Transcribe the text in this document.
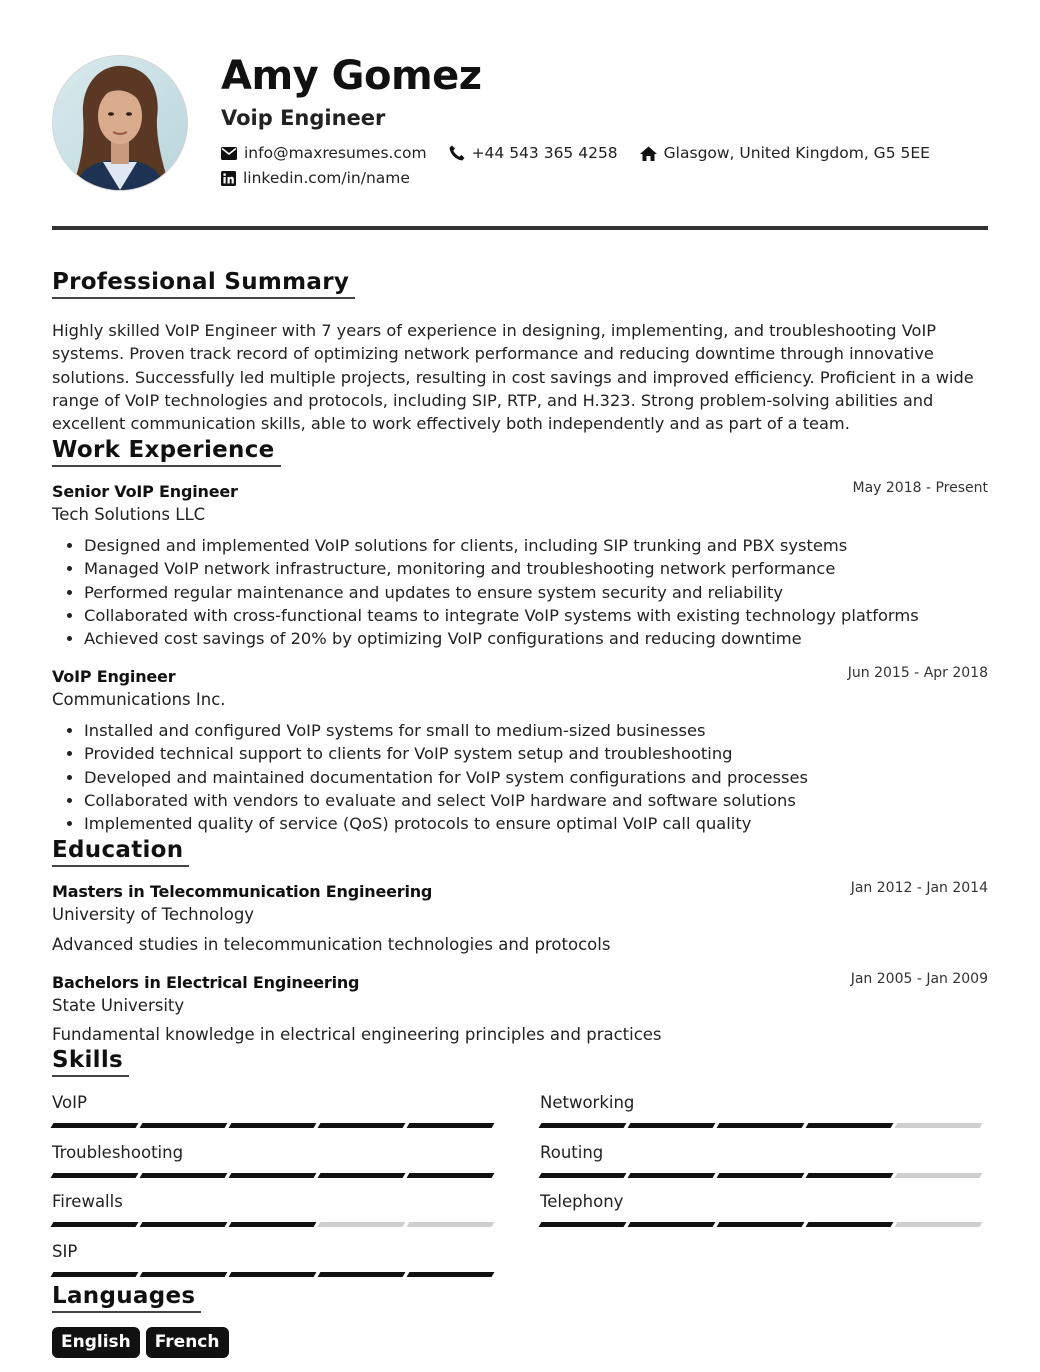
Amy Gomez
Voip Engineer
info@maxresumes.com	+44 543 365 4258	Glasgow, United Kingdom, G5 5EE
linkedin.com/in/name
Professional Summary

Highly skilled VoIP Engineer with 7 years of experience in designing, implementing, and troubleshooting VoIP systems. Proven track record of optimizing network performance and reducing downtime through innovative solutions. Successfully led multiple projects, resulting in cost savings and improved efficiency. Proficient in a wide range of VoIP technologies and protocols, including SIP, RTP, and H.323. Strong problem-solving abilities and excellent communication skills, able to work effectively both independently and as part of a team.

Work Experience
Senior VoIP Engineer	May 2018 - Present
Tech Solutions LLC
• Designed and implemented VoIP solutions for clients, including SIP trunking and PBX systems
• Managed VoIP network infrastructure, monitoring and troubleshooting network performance
• Performed regular maintenance and updates to ensure system security and reliability
• Collaborated with cross-functional teams to integrate VoIP systems with existing technology platforms
• Achieved cost savings of 20% by optimizing VoIP configurations and reducing downtime
VoIP Engineer	Jun 2015 - Apr 2018
Communications Inc.
• Installed and configured VoIP systems for small to medium-sized businesses
• Provided technical support to clients for VoIP system setup and troubleshooting
• Developed and maintained documentation for VoIP system configurations and processes
• Collaborated with vendors to evaluate and select VoIP hardware and software solutions
• Implemented quality of service (QoS) protocols to ensure optimal VoIP call quality
Education
Masters in Telecommunication Engineering	Jan 2012 - Jan 2014
University of Technology
Advanced studies in telecommunication technologies and protocols
Bachelors in Electrical Engineering	Jan 2005 - Jan 2009
State University
Fundamental knowledge in electrical engineering principles and practices
Skills
VoIP	Networking
Troubleshooting	Routing
Firewalls	Telephony
SIP
Languages
English	French
